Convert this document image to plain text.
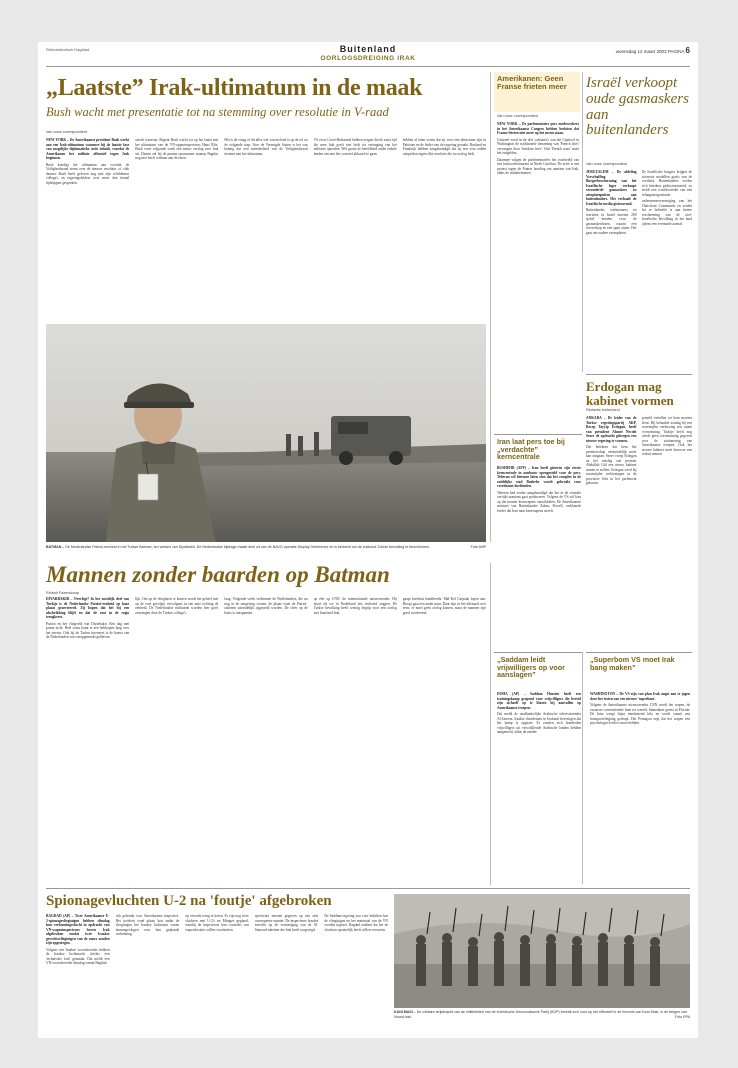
Reformatorisch Dagblad	Buitenland
OORLOGSDREIGING IRAK
woensdag 12 maart 2003 PAGINA 6
„Laatste” Irak-ultimatum in de maak
Bush wacht met presentatie tot na stemming over resolutie in V-raad
Van onze correspondent

NEW YORK – De Amerikaanse president Bush werkt aan een Irak-ultimatum waarmee hij de laatste fase van mogelijke diplomatieke actie inluidt, voordat de Amerikanen het militair offensief tegen Irak beginnen.

Bush kondigt het ultimatum aan voordat de Veiligheidsraad stemt over de nieuwe resolutie, of vlak daarna. Bush heeft geloven nog met zijn schildmuur collega's en regeringsleiders over meer dan tiental tijdstippen gesproken.

steeds waarvan. Regent Bush wacht tot op het laatst met het ultimatum van de VN-opperinspecteurs Hans Blix. Bush voert volgende week een nieuw verslag over Irak uit. Daarin zal hij de punten opsommen waarop Bagdad nog niet heeft voldaan aan de eisen.

Het is de vraag of dit alles wel van invloed is op de rol en de volgende stap. Voor de Verenigde Staten is het van belang dat een meerderheid van de Veiligheidsraad instemt met het ultimatum.

VS en in Groot-Brittannië hebben zorgen dat de extra tijd die men Irak geeft niet leidt tot vertraging van het militaire optreden. Wel groeit de bereidheid onder enkele landen om met het voorstel akkoord te gaan.

hebben al laten weten dat zij voor een ultimatum zijn in Pakistan en de leider van de regering geraakt. Rusland en Frankrijk hebben aangekondigd dat zij een veto zullen uitspreken tegen elke resolutie die tot oorlog leidt.

BATMAN – De Nederlandse Patriot-eenheid in het Turkse Batman, ten westen van Diyarbakir. De Nederlandse bijdrage maakt deel uit van de NAVO-operatie Display Deterrence en is bedoeld om de zuidoost-Turkse bevolking te beschermen.	Foto ANP
Mannen zonder baarden op Batman
Rinkah Fazendoorp

DIYARBAKIR – Overlegt? In het oostelijk deel van Turkije is de Nederlandse Patriot-eenheid op haar plaats gearriveerd. Zij hopen dat het bij een afschrikking blijft en dat de rust in de regio terugkeert.

Patriot en het vliegveld van Diyarbakir. Een dag met prima zicht. Heel soms komt er een helikopter laag over het terrein. Ook bij de Turkse inwoners is de komst van de Nederlanders niet onopgemerkt gebleven.

lijk. Om op de vliegbasis te komen wordt het geheel met op de voet gevolgd, vervolgens in een auto richting de eenheid. De Nederlandse militairen worden hier goed ontvangen door de Turkse collega's.

lang. Volgende week verkennen de Nederlanders, die nu nog in de omgeving wonen, de plaats waar de Patriot-raketten uiteindelijk opgesteld worden. De sfeer op de basis is ontspannen.

op één op CNN, de internationale nieuwszender. Hij hoort als we in Nederland iets verkeerd zeggen. De Turkse bevolking heeft weinig begrip voor een oorlog met buurland Irak.

gaapt breeduit handbereik. Mal-Kel Carpaak lopen aan. Hoogi gaat een ander punt. Daar zijn ze het allemaal over eens: er moet geen oorlog komen, maar de mannen zijn goed voorbereid.

Spionagevluchten U-2 na 'foutje' afgebroken

BAGDAD (AP) – Twee Amerikaanse U-2-spionagevliegtuigen hebben dinsdag hun verkenningsvlucht in opdracht van VN-wapeninspecteurs boven Irak afgebroken omdat twee Iraakse gevechtsvliegtuigen van de zones zouden zijn opgestegen.

Volgens een Iraakse woordvoerder hebben de Iraakse luchtmacht slechts een 'technische fout' gemaakt. Dat meldt een VN-woordvoerder dinsdag vanuit Bagdad.

ook gebruikt voor Amerikaanse inspecties. Het incident vond plaats kort nadat de vliegtuigen het Iraakse luchtruim waren binnengevlogen voor hun geplande verkenning.

op verzoek terug te keren. Er zijn nog twee vluchten met U-2's en Mirages gepland, waarbij de inspecteurs hun controles van wapenlocaties willen voortzetten.

spectieurs moeten gegeven op een zeer consequente manier. De inspecteurs houden toezicht op de vernietiging van de Al-Samoud-raketten die Irak heeft toegezegd.

De Saddam-regering zou voor bekeken hoe de vliegtuigen en het materiaal van de VN worden ingezet. Bagdad ontkent dat het de vluchten opzettelijk heeft willen verstoren.

KANI MASI – De militaire strijdmacht van de militieleden van de Koerdische Democratische Partij (KDP) bereidt zich voor op het offensief in de heuvels van Kani Masi, in de bergen van Noord-Irak.	Foto EPA
Amerikanen: Geen Franse frieten meer
Van onze correspondent

NEW YORK – De parlementaire pers medewerkers in het Amerikaanse Congres hebben besloten dat Franse frieten niet meer op het menu staan.

Gisteren werd in de drie cafetaria's van het Capitool in Washington de traditionele benaming van 'French fries' vervangen door 'freedom fries'. Ook 'French toast' moet het ontgelden.

Daarmee volgen de parlementariërs het voorbeeld van een fastfoodrestaurant in North Carolina. De actie is een protest tegen de Franse houding ten aanzien van Irak, aldus de initiatiefnemer.

Israël verkoopt oude gasmaskers aan buitenlanders
Van onze correspondent

JERUZALEM – De afdeling Verschaffing Burgerbescherming van het Israëlische leger verkoopt verouderde gasmaskers en atropinespuiten aan buitenlanders. Het verbaalt de Israëlische media gisteravond.

Buitenlandse werknemers en toeristen in Israël moeten 200 sjekel betalen voor de gasmaskerdozen, waarin een reservekap en een spuit zitten. Het gaat om oudere exemplaren.

De Israëlische burgers krijgen de nieuwste modellen gratis van de overheid. Buitenlanders voelen zich hierdoor gediscrimineerd, zo meldt een woordvoerder van een belangenorganisatie.

ondernemersvereniging van het Thuisfront Commando en zeiden dat er behoefte is aan betere bescherming van de niet-Israëlische bevolking in het land tijdens een eventuele aanval.

Erdogan mag kabinet vormen
Redactie buitenland

ANKARA – De leider van de Turkse regeringspartij AKP, Recep Tayyip Erdogan, heeft van president Ahmet Necdet Sezer de opdracht gekregen een nieuwe regering te vormen.

Dat betekent dat hem het premierschap vermoedelijk meer kan ontgaan. Sezer vroeg Erdogan na het ontslag van premier Abdullah Gül een nieuw kabinet samen te stellen. Erdogan werd bij tussentijdse verkiezingen in de provincie Siirt in het parlement gekozen.

gemeld vertellen tot hem moeten dient. Hij behaalde zondag bij een tussentijdse verkiezing een ruime overwinning. Turkije heeft nog steeds geen toestemming gegeven voor de stationering van Amerikaanse troepen. Ook het nieuwe kabinet moet hierover een besluit nemen.

Iran laat pers toe bij „verdachte” kerncentrale

BUSHEHR (AFP) – Iran heeft gisteren zijn eerste kerncentrale in aanbouw opengesteld voor de pers. Teheran wil hiermee laten zien dat het complex in de zuidelijke stad Bushehr wordt gebruikt voor vreedzame doeleinden.

Teheran had eerder aangekondigd dat het in de centrale verrijkt uranium gaat produceren. Volgens de VS wil Iran op die manier kernwapens ontwikkelen. De Amerikaanse minister van Buitenlandse Zaken, Powell, verklaarde eerder dat Iran naar kernwapens streeft.

„Saddam leidt vrijwilligers op voor aanslagen”

DOHA (AP) – Saddam Hussein heeft een trainingskamp geopend voor vrijwilligers die bereid zijn zichzelf op te blazen bij aanvallen op Amerikaanse troepen.

Dat meldt de onafhankelijke Arabische televisiezender Al-Jazeera. Iraakse dissidenten in Jordanië bevestigen dat het kamp is opgezet. Er zouden zich honderden vrijwilligers uit verschillende Arabische landen hebben aangemeld, aldus de zender.

„Superbom VS moet Irak bang maken”

WASHINGTON – De VS zijn van plan Irak angst aan te jagen door het testen van een nieuwe 'superbom'.

Volgens de Amerikaanse nieuwszender CNN wordt het wapen, de zwaarste conventionele bom ter wereld, binnenkort getest in Florida. De bom weegt bijna tienduizend kilo en wordt vanuit een transportvliegtuig gedropt. Het Pentagon zegt dat het wapen een psychologisch effect moet hebben.
